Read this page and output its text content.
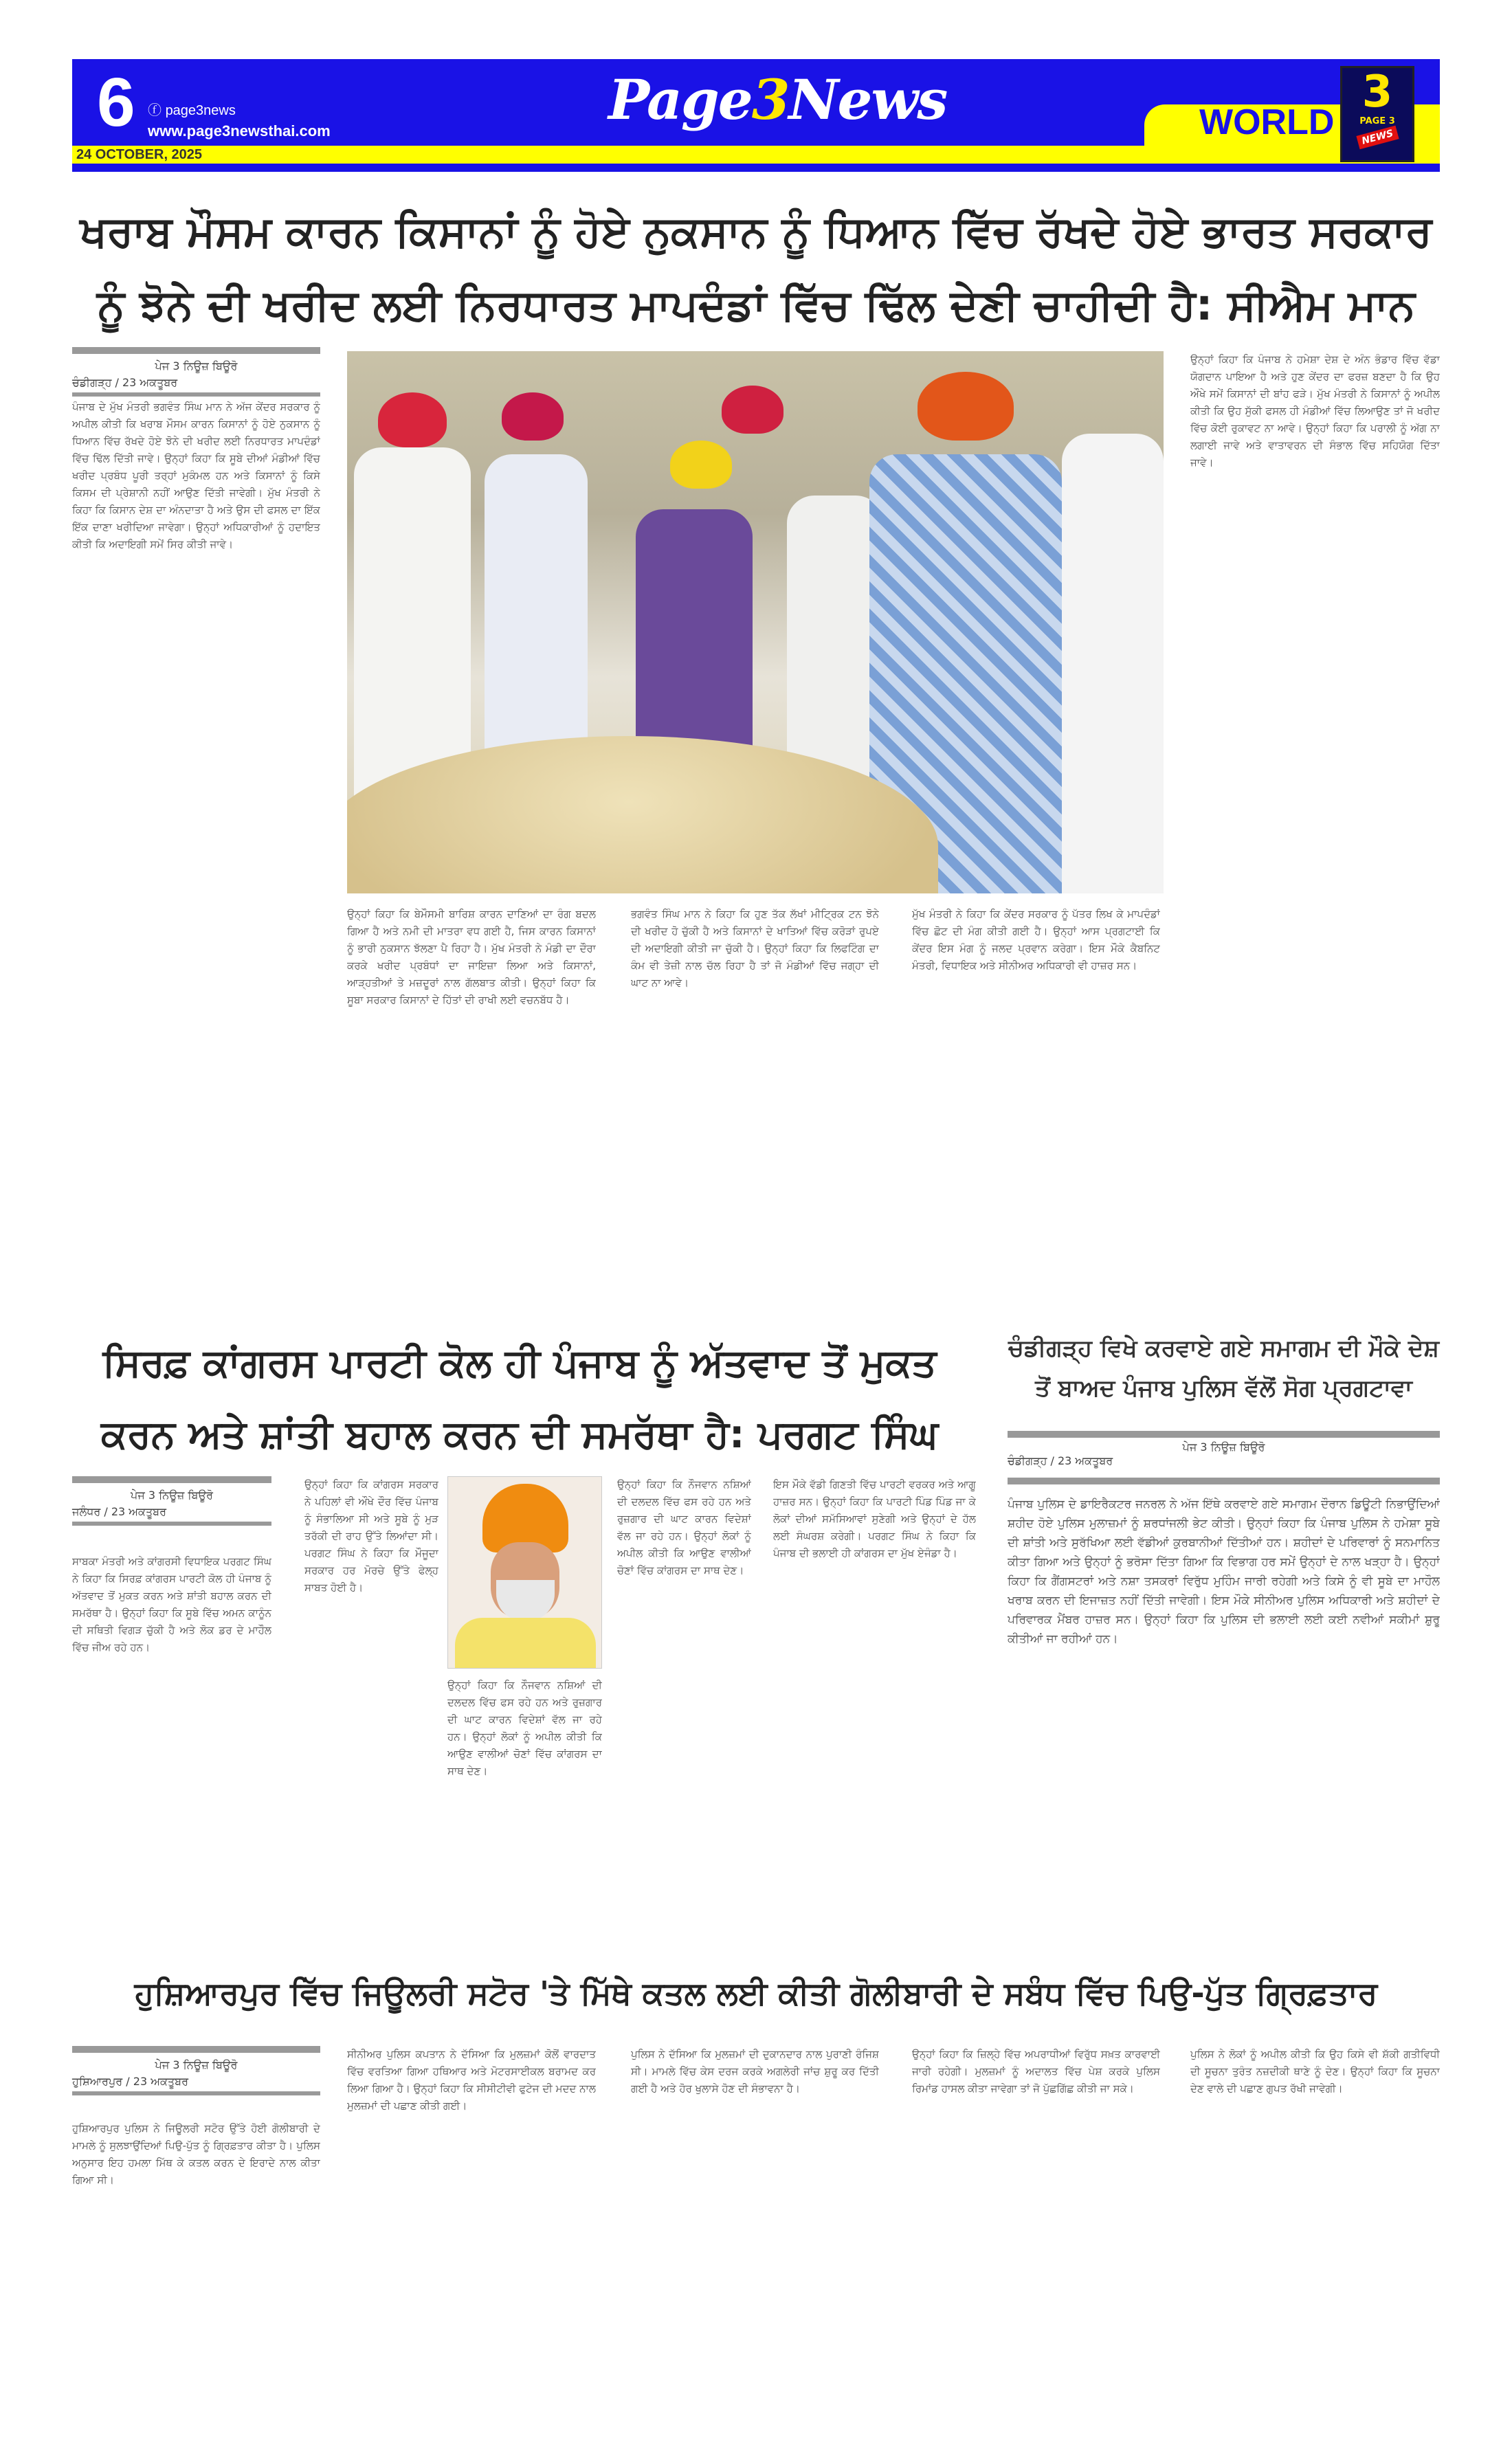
6 ⓕ page3news
www.page3newsthai.com
24 OCTOBER, 2025
Page3News	WORLD
3
PAGE 3
NEWS
ਖਰਾਬ ਮੌਸਮ ਕਾਰਨ ਕਿਸਾਨਾਂ ਨੂੰ ਹੋਏ ਨੁਕਸਾਨ ਨੂੰ ਧਿਆਨ ਵਿੱਚ ਰੱਖਦੇ ਹੋਏ ਭਾਰਤ ਸਰਕਾਰ
ਨੂੰ ਝੋਨੇ ਦੀ ਖਰੀਦ ਲਈ ਨਿਰਧਾਰਤ ਮਾਪਦੰਡਾਂ ਵਿੱਚ ਢਿੱਲ ਦੇਣੀ ਚਾਹੀਦੀ ਹੈ: ਸੀਐਮ ਮਾਨ
ਪੇਜ 3 ਨਿਊਜ਼ ਬਿਊਰੋ
ਚੰਡੀਗੜ੍ਹ / 23 ਅਕਤੂਬਰ
ਪੰਜਾਬ ਦੇ ਮੁੱਖ ਮੰਤਰੀ ਭਗਵੰਤ ਸਿੰਘ ਮਾਨ ਨੇ ਅੱਜ ਕੇਂਦਰ ਸਰਕਾਰ ਨੂੰ ਅਪੀਲ ਕੀਤੀ ਕਿ ਖਰਾਬ ਮੌਸਮ ਕਾਰਨ ਕਿਸਾਨਾਂ ਨੂੰ ਹੋਏ ਨੁਕਸਾਨ ਨੂੰ ਧਿਆਨ ਵਿੱਚ ਰੱਖਦੇ ਹੋਏ ਝੋਨੇ ਦੀ ਖਰੀਦ ਲਈ ਨਿਰਧਾਰਤ ਮਾਪਦੰਡਾਂ ਵਿੱਚ ਢਿੱਲ ਦਿੱਤੀ ਜਾਵੇ। ਉਨ੍ਹਾਂ ਕਿਹਾ ਕਿ ਸੂਬੇ ਦੀਆਂ ਮੰਡੀਆਂ ਵਿੱਚ ਖਰੀਦ ਪ੍ਰਬੰਧ ਪੂਰੀ ਤਰ੍ਹਾਂ ਮੁਕੰਮਲ ਹਨ ਅਤੇ ਕਿਸਾਨਾਂ ਨੂੰ ਕਿਸੇ ਕਿਸਮ ਦੀ ਪ੍ਰੇਸ਼ਾਨੀ ਨਹੀਂ ਆਉਣ ਦਿੱਤੀ ਜਾਵੇਗੀ। ਮੁੱਖ ਮੰਤਰੀ ਨੇ ਕਿਹਾ ਕਿ ਕਿਸਾਨ ਦੇਸ਼ ਦਾ ਅੰਨਦਾਤਾ ਹੈ ਅਤੇ ਉਸ ਦੀ ਫਸਲ ਦਾ ਇੱਕ ਇੱਕ ਦਾਣਾ ਖਰੀਦਿਆ ਜਾਵੇਗਾ। ਉਨ੍ਹਾਂ ਅਧਿਕਾਰੀਆਂ ਨੂੰ ਹਦਾਇਤ ਕੀਤੀ ਕਿ ਅਦਾਇਗੀ ਸਮੇਂ ਸਿਰ ਕੀਤੀ ਜਾਵੇ।
ਉਨ੍ਹਾਂ ਕਿਹਾ ਕਿ ਬੇਮੌਸਮੀ ਬਾਰਿਸ਼ ਕਾਰਨ ਦਾਣਿਆਂ ਦਾ ਰੰਗ ਬਦਲ ਗਿਆ ਹੈ ਅਤੇ ਨਮੀ ਦੀ ਮਾਤਰਾ ਵਧ ਗਈ ਹੈ, ਜਿਸ ਕਾਰਨ ਕਿਸਾਨਾਂ ਨੂੰ ਭਾਰੀ ਨੁਕਸਾਨ ਝੱਲਣਾ ਪੈ ਰਿਹਾ ਹੈ। ਮੁੱਖ ਮੰਤਰੀ ਨੇ ਮੰਡੀ ਦਾ ਦੌਰਾ ਕਰਕੇ ਖਰੀਦ ਪ੍ਰਬੰਧਾਂ ਦਾ ਜਾਇਜ਼ਾ ਲਿਆ ਅਤੇ ਕਿਸਾਨਾਂ, ਆੜ੍ਹਤੀਆਂ ਤੇ ਮਜ਼ਦੂਰਾਂ ਨਾਲ ਗੱਲਬਾਤ ਕੀਤੀ। ਉਨ੍ਹਾਂ ਕਿਹਾ ਕਿ ਸੂਬਾ ਸਰਕਾਰ ਕਿਸਾਨਾਂ ਦੇ ਹਿੱਤਾਂ ਦੀ ਰਾਖੀ ਲਈ ਵਚਨਬੱਧ ਹੈ।
ਭਗਵੰਤ ਸਿੰਘ ਮਾਨ ਨੇ ਕਿਹਾ ਕਿ ਹੁਣ ਤੱਕ ਲੱਖਾਂ ਮੀਟ੍ਰਿਕ ਟਨ ਝੋਨੇ ਦੀ ਖਰੀਦ ਹੋ ਚੁੱਕੀ ਹੈ ਅਤੇ ਕਿਸਾਨਾਂ ਦੇ ਖਾਤਿਆਂ ਵਿੱਚ ਕਰੋੜਾਂ ਰੁਪਏ ਦੀ ਅਦਾਇਗੀ ਕੀਤੀ ਜਾ ਚੁੱਕੀ ਹੈ। ਉਨ੍ਹਾਂ ਕਿਹਾ ਕਿ ਲਿਫਟਿੰਗ ਦਾ ਕੰਮ ਵੀ ਤੇਜ਼ੀ ਨਾਲ ਚੱਲ ਰਿਹਾ ਹੈ ਤਾਂ ਜੋ ਮੰਡੀਆਂ ਵਿੱਚ ਜਗ੍ਹਾ ਦੀ ਘਾਟ ਨਾ ਆਵੇ।
ਮੁੱਖ ਮੰਤਰੀ ਨੇ ਕਿਹਾ ਕਿ ਕੇਂਦਰ ਸਰਕਾਰ ਨੂੰ ਪੱਤਰ ਲਿਖ ਕੇ ਮਾਪਦੰਡਾਂ ਵਿੱਚ ਛੋਟ ਦੀ ਮੰਗ ਕੀਤੀ ਗਈ ਹੈ। ਉਨ੍ਹਾਂ ਆਸ ਪ੍ਰਗਟਾਈ ਕਿ ਕੇਂਦਰ ਇਸ ਮੰਗ ਨੂੰ ਜਲਦ ਪ੍ਰਵਾਨ ਕਰੇਗਾ। ਇਸ ਮੌਕੇ ਕੈਬਨਿਟ ਮੰਤਰੀ, ਵਿਧਾਇਕ ਅਤੇ ਸੀਨੀਅਰ ਅਧਿਕਾਰੀ ਵੀ ਹਾਜ਼ਰ ਸਨ।
ਉਨ੍ਹਾਂ ਕਿਹਾ ਕਿ ਪੰਜਾਬ ਨੇ ਹਮੇਸ਼ਾ ਦੇਸ਼ ਦੇ ਅੰਨ ਭੰਡਾਰ ਵਿੱਚ ਵੱਡਾ ਯੋਗਦਾਨ ਪਾਇਆ ਹੈ ਅਤੇ ਹੁਣ ਕੇਂਦਰ ਦਾ ਫਰਜ਼ ਬਣਦਾ ਹੈ ਕਿ ਉਹ ਔਖੇ ਸਮੇਂ ਕਿਸਾਨਾਂ ਦੀ ਬਾਂਹ ਫੜੇ। ਮੁੱਖ ਮੰਤਰੀ ਨੇ ਕਿਸਾਨਾਂ ਨੂੰ ਅਪੀਲ ਕੀਤੀ ਕਿ ਉਹ ਸੁੱਕੀ ਫਸਲ ਹੀ ਮੰਡੀਆਂ ਵਿੱਚ ਲਿਆਉਣ ਤਾਂ ਜੋ ਖਰੀਦ ਵਿੱਚ ਕੋਈ ਰੁਕਾਵਟ ਨਾ ਆਵੇ। ਉਨ੍ਹਾਂ ਕਿਹਾ ਕਿ ਪਰਾਲੀ ਨੂੰ ਅੱਗ ਨਾ ਲਗਾਈ ਜਾਵੇ ਅਤੇ ਵਾਤਾਵਰਨ ਦੀ ਸੰਭਾਲ ਵਿੱਚ ਸਹਿਯੋਗ ਦਿੱਤਾ ਜਾਵੇ।
ਸਿਰਫ਼ ਕਾਂਗਰਸ ਪਾਰਟੀ ਕੋਲ ਹੀ ਪੰਜਾਬ ਨੂੰ ਅੱਤਵਾਦ ਤੋਂ ਮੁਕਤ
ਕਰਨ ਅਤੇ ਸ਼ਾਂਤੀ ਬਹਾਲ ਕਰਨ ਦੀ ਸਮਰੱਥਾ ਹੈ: ਪਰਗਟ ਸਿੰਘ
ਪੇਜ 3 ਨਿਊਜ਼ ਬਿਊਰੋ
ਜਲੰਧਰ / 23 ਅਕਤੂਬਰ
ਸਾਬਕਾ ਮੰਤਰੀ ਅਤੇ ਕਾਂਗਰਸੀ ਵਿਧਾਇਕ ਪਰਗਟ ਸਿੰਘ ਨੇ ਕਿਹਾ ਕਿ ਸਿਰਫ਼ ਕਾਂਗਰਸ ਪਾਰਟੀ ਕੋਲ ਹੀ ਪੰਜਾਬ ਨੂੰ ਅੱਤਵਾਦ ਤੋਂ ਮੁਕਤ ਕਰਨ ਅਤੇ ਸ਼ਾਂਤੀ ਬਹਾਲ ਕਰਨ ਦੀ ਸਮਰੱਥਾ ਹੈ। ਉਨ੍ਹਾਂ ਕਿਹਾ ਕਿ ਸੂਬੇ ਵਿੱਚ ਅਮਨ ਕਾਨੂੰਨ ਦੀ ਸਥਿਤੀ ਵਿਗੜ ਚੁੱਕੀ ਹੈ ਅਤੇ ਲੋਕ ਡਰ ਦੇ ਮਾਹੌਲ ਵਿੱਚ ਜੀਅ ਰਹੇ ਹਨ।
ਉਨ੍ਹਾਂ ਕਿਹਾ ਕਿ ਕਾਂਗਰਸ ਸਰਕਾਰ ਨੇ ਪਹਿਲਾਂ ਵੀ ਔਖੇ ਦੌਰ ਵਿੱਚ ਪੰਜਾਬ ਨੂੰ ਸੰਭਾਲਿਆ ਸੀ ਅਤੇ ਸੂਬੇ ਨੂੰ ਮੁੜ ਤਰੱਕੀ ਦੀ ਰਾਹ ਉੱਤੇ ਲਿਆਂਦਾ ਸੀ। ਪਰਗਟ ਸਿੰਘ ਨੇ ਕਿਹਾ ਕਿ ਮੌਜੂਦਾ ਸਰਕਾਰ ਹਰ ਮੋਰਚੇ ਉੱਤੇ ਫੇਲ੍ਹ ਸਾਬਤ ਹੋਈ ਹੈ।
ਉਨ੍ਹਾਂ ਕਿਹਾ ਕਿ ਨੌਜਵਾਨ ਨਸ਼ਿਆਂ ਦੀ ਦਲਦਲ ਵਿੱਚ ਫਸ ਰਹੇ ਹਨ ਅਤੇ ਰੁਜ਼ਗਾਰ ਦੀ ਘਾਟ ਕਾਰਨ ਵਿਦੇਸ਼ਾਂ ਵੱਲ ਜਾ ਰਹੇ ਹਨ। ਉਨ੍ਹਾਂ ਲੋਕਾਂ ਨੂੰ ਅਪੀਲ ਕੀਤੀ ਕਿ ਆਉਣ ਵਾਲੀਆਂ ਚੋਣਾਂ ਵਿੱਚ ਕਾਂਗਰਸ ਦਾ ਸਾਥ ਦੇਣ।
ਉਨ੍ਹਾਂ ਕਿਹਾ ਕਿ ਨੌਜਵਾਨ ਨਸ਼ਿਆਂ ਦੀ ਦਲਦਲ ਵਿੱਚ ਫਸ ਰਹੇ ਹਨ ਅਤੇ ਰੁਜ਼ਗਾਰ ਦੀ ਘਾਟ ਕਾਰਨ ਵਿਦੇਸ਼ਾਂ ਵੱਲ ਜਾ ਰਹੇ ਹਨ। ਉਨ੍ਹਾਂ ਲੋਕਾਂ ਨੂੰ ਅਪੀਲ ਕੀਤੀ ਕਿ ਆਉਣ ਵਾਲੀਆਂ ਚੋਣਾਂ ਵਿੱਚ ਕਾਂਗਰਸ ਦਾ ਸਾਥ ਦੇਣ।
ਇਸ ਮੌਕੇ ਵੱਡੀ ਗਿਣਤੀ ਵਿੱਚ ਪਾਰਟੀ ਵਰਕਰ ਅਤੇ ਆਗੂ ਹਾਜ਼ਰ ਸਨ। ਉਨ੍ਹਾਂ ਕਿਹਾ ਕਿ ਪਾਰਟੀ ਪਿੰਡ ਪਿੰਡ ਜਾ ਕੇ ਲੋਕਾਂ ਦੀਆਂ ਸਮੱਸਿਆਵਾਂ ਸੁਣੇਗੀ ਅਤੇ ਉਨ੍ਹਾਂ ਦੇ ਹੱਲ ਲਈ ਸੰਘਰਸ਼ ਕਰੇਗੀ। ਪਰਗਟ ਸਿੰਘ ਨੇ ਕਿਹਾ ਕਿ ਪੰਜਾਬ ਦੀ ਭਲਾਈ ਹੀ ਕਾਂਗਰਸ ਦਾ ਮੁੱਖ ਏਜੰਡਾ ਹੈ।
ਚੰਡੀਗੜ੍ਹ ਵਿਖੇ ਕਰਵਾਏ ਗਏ ਸਮਾਗਮ ਦੀ ਮੌਕੇ ਦੇਸ਼
ਤੋਂ ਬਾਅਦ ਪੰਜਾਬ ਪੁਲਿਸ ਵੱਲੋਂ ਸੋਗ ਪ੍ਰਗਟਾਵਾ
ਪੇਜ 3 ਨਿਊਜ਼ ਬਿਊਰੋ
ਚੰਡੀਗੜ੍ਹ / 23 ਅਕਤੂਬਰ
ਪੰਜਾਬ ਪੁਲਿਸ ਦੇ ਡਾਇਰੈਕਟਰ ਜਨਰਲ ਨੇ ਅੱਜ ਇੱਥੇ ਕਰਵਾਏ ਗਏ ਸਮਾਗਮ ਦੌਰਾਨ ਡਿਊਟੀ ਨਿਭਾਉਂਦਿਆਂ ਸ਼ਹੀਦ ਹੋਏ ਪੁਲਿਸ ਮੁਲਾਜ਼ਮਾਂ ਨੂੰ ਸ਼ਰਧਾਂਜਲੀ ਭੇਟ ਕੀਤੀ। ਉਨ੍ਹਾਂ ਕਿਹਾ ਕਿ ਪੰਜਾਬ ਪੁਲਿਸ ਨੇ ਹਮੇਸ਼ਾ ਸੂਬੇ ਦੀ ਸ਼ਾਂਤੀ ਅਤੇ ਸੁਰੱਖਿਆ ਲਈ ਵੱਡੀਆਂ ਕੁਰਬਾਨੀਆਂ ਦਿੱਤੀਆਂ ਹਨ। ਸ਼ਹੀਦਾਂ ਦੇ ਪਰਿਵਾਰਾਂ ਨੂੰ ਸਨਮਾਨਿਤ ਕੀਤਾ ਗਿਆ ਅਤੇ ਉਨ੍ਹਾਂ ਨੂੰ ਭਰੋਸਾ ਦਿੱਤਾ ਗਿਆ ਕਿ ਵਿਭਾਗ ਹਰ ਸਮੇਂ ਉਨ੍ਹਾਂ ਦੇ ਨਾਲ ਖੜ੍ਹਾ ਹੈ। ਉਨ੍ਹਾਂ ਕਿਹਾ ਕਿ ਗੈਂਗਸਟਰਾਂ ਅਤੇ ਨਸ਼ਾ ਤਸਕਰਾਂ ਵਿਰੁੱਧ ਮੁਹਿੰਮ ਜਾਰੀ ਰਹੇਗੀ ਅਤੇ ਕਿਸੇ ਨੂੰ ਵੀ ਸੂਬੇ ਦਾ ਮਾਹੌਲ ਖਰਾਬ ਕਰਨ ਦੀ ਇਜਾਜ਼ਤ ਨਹੀਂ ਦਿੱਤੀ ਜਾਵੇਗੀ। ਇਸ ਮੌਕੇ ਸੀਨੀਅਰ ਪੁਲਿਸ ਅਧਿਕਾਰੀ ਅਤੇ ਸ਼ਹੀਦਾਂ ਦੇ ਪਰਿਵਾਰਕ ਮੈਂਬਰ ਹਾਜ਼ਰ ਸਨ। ਉਨ੍ਹਾਂ ਕਿਹਾ ਕਿ ਪੁਲਿਸ ਦੀ ਭਲਾਈ ਲਈ ਕਈ ਨਵੀਆਂ ਸਕੀਮਾਂ ਸ਼ੁਰੂ ਕੀਤੀਆਂ ਜਾ ਰਹੀਆਂ ਹਨ।
ਹੁਸ਼ਿਆਰਪੁਰ ਵਿੱਚ ਜਿਊਲਰੀ ਸਟੋਰ 'ਤੇ ਮਿੱਥੇ ਕਤਲ ਲਈ ਕੀਤੀ ਗੋਲੀਬਾਰੀ ਦੇ ਸਬੰਧ ਵਿੱਚ ਪਿਉ-ਪੁੱਤ ਗ੍ਰਿਫ਼ਤਾਰ
ਪੇਜ 3 ਨਿਊਜ਼ ਬਿਊਰੋ
ਹੁਸ਼ਿਆਰਪੁਰ / 23 ਅਕਤੂਬਰ
ਹੁਸ਼ਿਆਰਪੁਰ ਪੁਲਿਸ ਨੇ ਜਿਊਲਰੀ ਸਟੋਰ ਉੱਤੇ ਹੋਈ ਗੋਲੀਬਾਰੀ ਦੇ ਮਾਮਲੇ ਨੂੰ ਸੁਲਝਾਉਂਦਿਆਂ ਪਿਉ-ਪੁੱਤ ਨੂੰ ਗ੍ਰਿਫ਼ਤਾਰ ਕੀਤਾ ਹੈ। ਪੁਲਿਸ ਅਨੁਸਾਰ ਇਹ ਹਮਲਾ ਮਿੱਥ ਕੇ ਕਤਲ ਕਰਨ ਦੇ ਇਰਾਦੇ ਨਾਲ ਕੀਤਾ ਗਿਆ ਸੀ।
ਸੀਨੀਅਰ ਪੁਲਿਸ ਕਪਤਾਨ ਨੇ ਦੱਸਿਆ ਕਿ ਮੁਲਜ਼ਮਾਂ ਕੋਲੋਂ ਵਾਰਦਾਤ ਵਿੱਚ ਵਰਤਿਆ ਗਿਆ ਹਥਿਆਰ ਅਤੇ ਮੋਟਰਸਾਈਕਲ ਬਰਾਮਦ ਕਰ ਲਿਆ ਗਿਆ ਹੈ। ਉਨ੍ਹਾਂ ਕਿਹਾ ਕਿ ਸੀਸੀਟੀਵੀ ਫੁਟੇਜ ਦੀ ਮਦਦ ਨਾਲ ਮੁਲਜ਼ਮਾਂ ਦੀ ਪਛਾਣ ਕੀਤੀ ਗਈ।
ਪੁਲਿਸ ਨੇ ਦੱਸਿਆ ਕਿ ਮੁਲਜ਼ਮਾਂ ਦੀ ਦੁਕਾਨਦਾਰ ਨਾਲ ਪੁਰਾਣੀ ਰੰਜਿਸ਼ ਸੀ। ਮਾਮਲੇ ਵਿੱਚ ਕੇਸ ਦਰਜ ਕਰਕੇ ਅਗਲੇਰੀ ਜਾਂਚ ਸ਼ੁਰੂ ਕਰ ਦਿੱਤੀ ਗਈ ਹੈ ਅਤੇ ਹੋਰ ਖੁਲਾਸੇ ਹੋਣ ਦੀ ਸੰਭਾਵਨਾ ਹੈ।
ਉਨ੍ਹਾਂ ਕਿਹਾ ਕਿ ਜ਼ਿਲ੍ਹੇ ਵਿੱਚ ਅਪਰਾਧੀਆਂ ਵਿਰੁੱਧ ਸਖ਼ਤ ਕਾਰਵਾਈ ਜਾਰੀ ਰਹੇਗੀ। ਮੁਲਜ਼ਮਾਂ ਨੂੰ ਅਦਾਲਤ ਵਿੱਚ ਪੇਸ਼ ਕਰਕੇ ਪੁਲਿਸ ਰਿਮਾਂਡ ਹਾਸਲ ਕੀਤਾ ਜਾਵੇਗਾ ਤਾਂ ਜੋ ਪੁੱਛਗਿੱਛ ਕੀਤੀ ਜਾ ਸਕੇ।
ਪੁਲਿਸ ਨੇ ਲੋਕਾਂ ਨੂੰ ਅਪੀਲ ਕੀਤੀ ਕਿ ਉਹ ਕਿਸੇ ਵੀ ਸ਼ੱਕੀ ਗਤੀਵਿਧੀ ਦੀ ਸੂਚਨਾ ਤੁਰੰਤ ਨਜ਼ਦੀਕੀ ਥਾਣੇ ਨੂੰ ਦੇਣ। ਉਨ੍ਹਾਂ ਕਿਹਾ ਕਿ ਸੂਚਨਾ ਦੇਣ ਵਾਲੇ ਦੀ ਪਛਾਣ ਗੁਪਤ ਰੱਖੀ ਜਾਵੇਗੀ।
